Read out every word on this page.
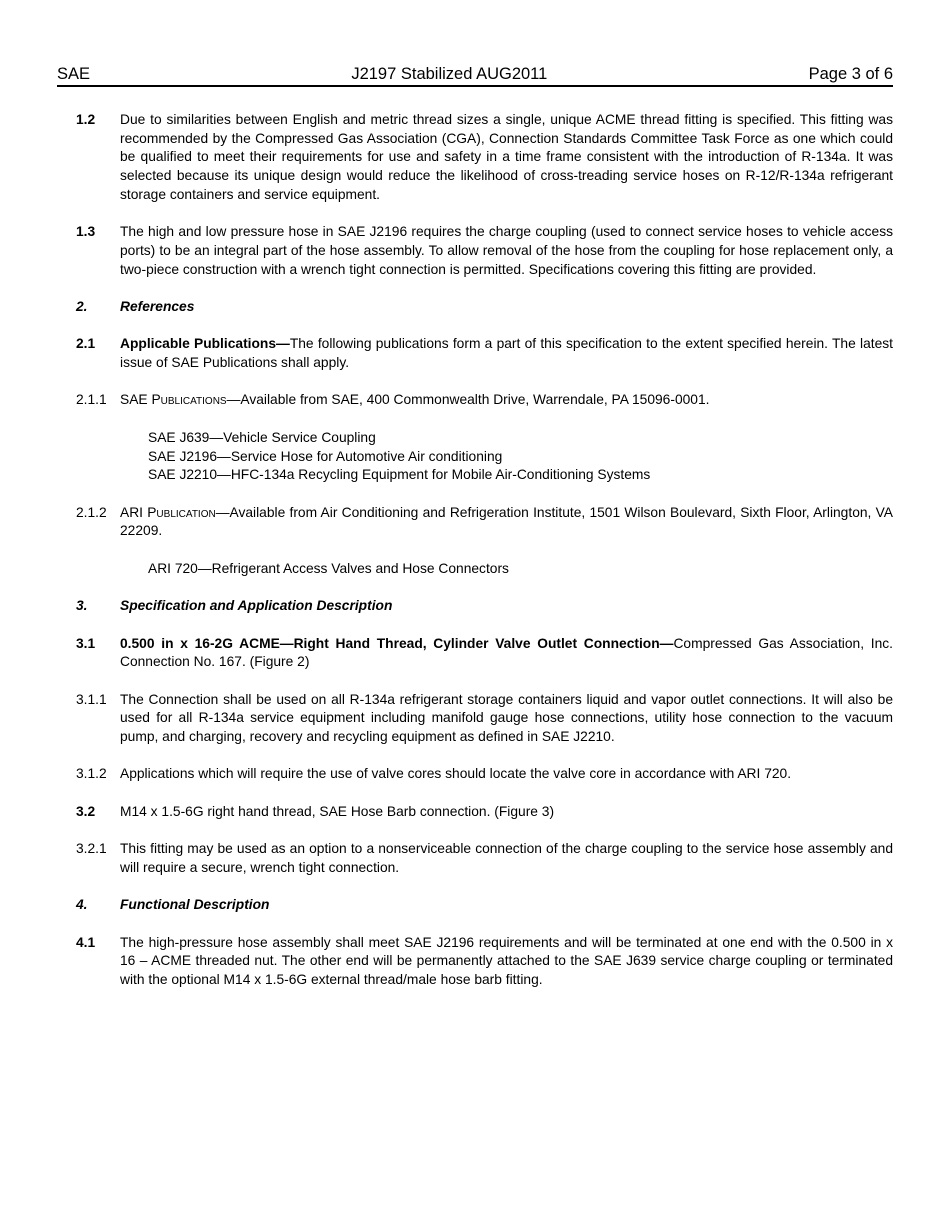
SAE	J2197 Stabilized AUG2011	Page 3 of 6
1.2	Due to similarities between English and metric thread sizes a single, unique ACME thread fitting is specified. This fitting was recommended by the Compressed Gas Association (CGA), Connection Standards Committee Task Force as one which could be qualified to meet their requirements for use and safety in a time frame consistent with the introduction of R-134a. It was selected because its unique design would reduce the likelihood of cross-treading service hoses on R-12/R-134a refrigerant storage containers and service equipment.
1.3	The high and low pressure hose in SAE J2196 requires the charge coupling (used to connect service hoses to vehicle access ports) to be an integral part of the hose assembly. To allow removal of the hose from the coupling for hose replacement only, a two-piece construction with a wrench tight connection is permitted. Specifications covering this fitting are provided.
2.	References
2.1	Applicable Publications—The following publications form a part of this specification to the extent specified herein. The latest issue of SAE Publications shall apply.
2.1.1 SAE Publications—Available from SAE, 400 Commonwealth Drive, Warrendale, PA 15096-0001.
SAE J639—Vehicle Service Coupling
SAE J2196—Service Hose for Automotive Air conditioning
SAE J2210—HFC-134a Recycling Equipment for Mobile Air-Conditioning Systems
2.1.2 ARI Publication—Available from Air Conditioning and Refrigeration Institute, 1501 Wilson Boulevard, Sixth Floor, Arlington, VA 22209.
ARI 720—Refrigerant Access Valves and Hose Connectors
3.	Specification and Application Description
3.1	0.500 in x 16-2G ACME—Right Hand Thread, Cylinder Valve Outlet Connection—Compressed Gas Association, Inc. Connection No. 167. (Figure 2)
3.1.1 The Connection shall be used on all R-134a refrigerant storage containers liquid and vapor outlet connections. It will also be used for all R-134a service equipment including manifold gauge hose connections, utility hose connection to the vacuum pump, and charging, recovery and recycling equipment as defined in SAE J2210.
3.1.2 Applications which will require the use of valve cores should locate the valve core in accordance with ARI 720.
3.2	M14 x 1.5-6G right hand thread, SAE Hose Barb connection. (Figure 3)
3.2.1 This fitting may be used as an option to a nonserviceable connection of the charge coupling to the service hose assembly and will require a secure, wrench tight connection.
4.	Functional Description
4.1	The high-pressure hose assembly shall meet SAE J2196 requirements and will be terminated at one end with the 0.500 in x 16 – ACME threaded nut. The other end will be permanently attached to the SAE J639 service charge coupling or terminated with the optional M14 x 1.5-6G external thread/male hose barb fitting.
